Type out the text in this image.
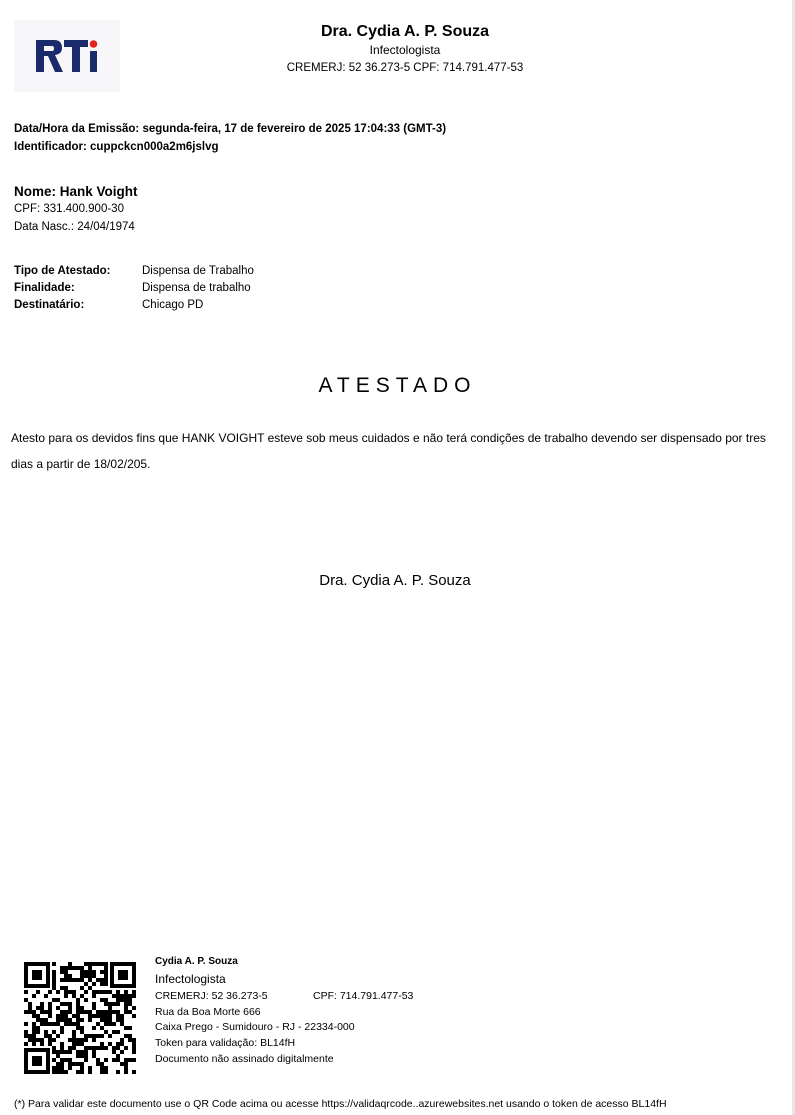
Dra. Cydia A. P. Souza
Infectologista
CREMERJ: 52 36.273-5 CPF: 714.791.477-53
Data/Hora da Emissão: segunda-feira, 17 de fevereiro de 2025 17:04:33 (GMT-3)
Identificador: cuppckcn000a2m6jslvg
Nome: Hank Voight
CPF: 331.400.900-30
Data Nasc.: 24/04/1974
Tipo de Atestado:	Dispensa de Trabalho
Finalidade:	Dispensa de trabalho
Destinatário:	Chicago PD
ATESTADO
Atesto para os devidos fins que HANK VOIGHT esteve sob meus cuidados e não terá condições de trabalho devendo ser dispensado por tres dias a partir de 18/02/205.
Dra. Cydia A. P. Souza
Cydia A. P. Souza
Infectologista
CREMERJ: 52 36.273-5	CPF: 714.791.477-53
Rua da Boa Morte 666
Caixa Prego - Sumidouro - RJ - 22334-000
Token para validação: BL14fH
Documento não assinado digitalmente
(*) Para validar este documento use o QR Code acima ou acesse https://validaqrcode..azurewebsites.net usando o token de acesso BL14fH
